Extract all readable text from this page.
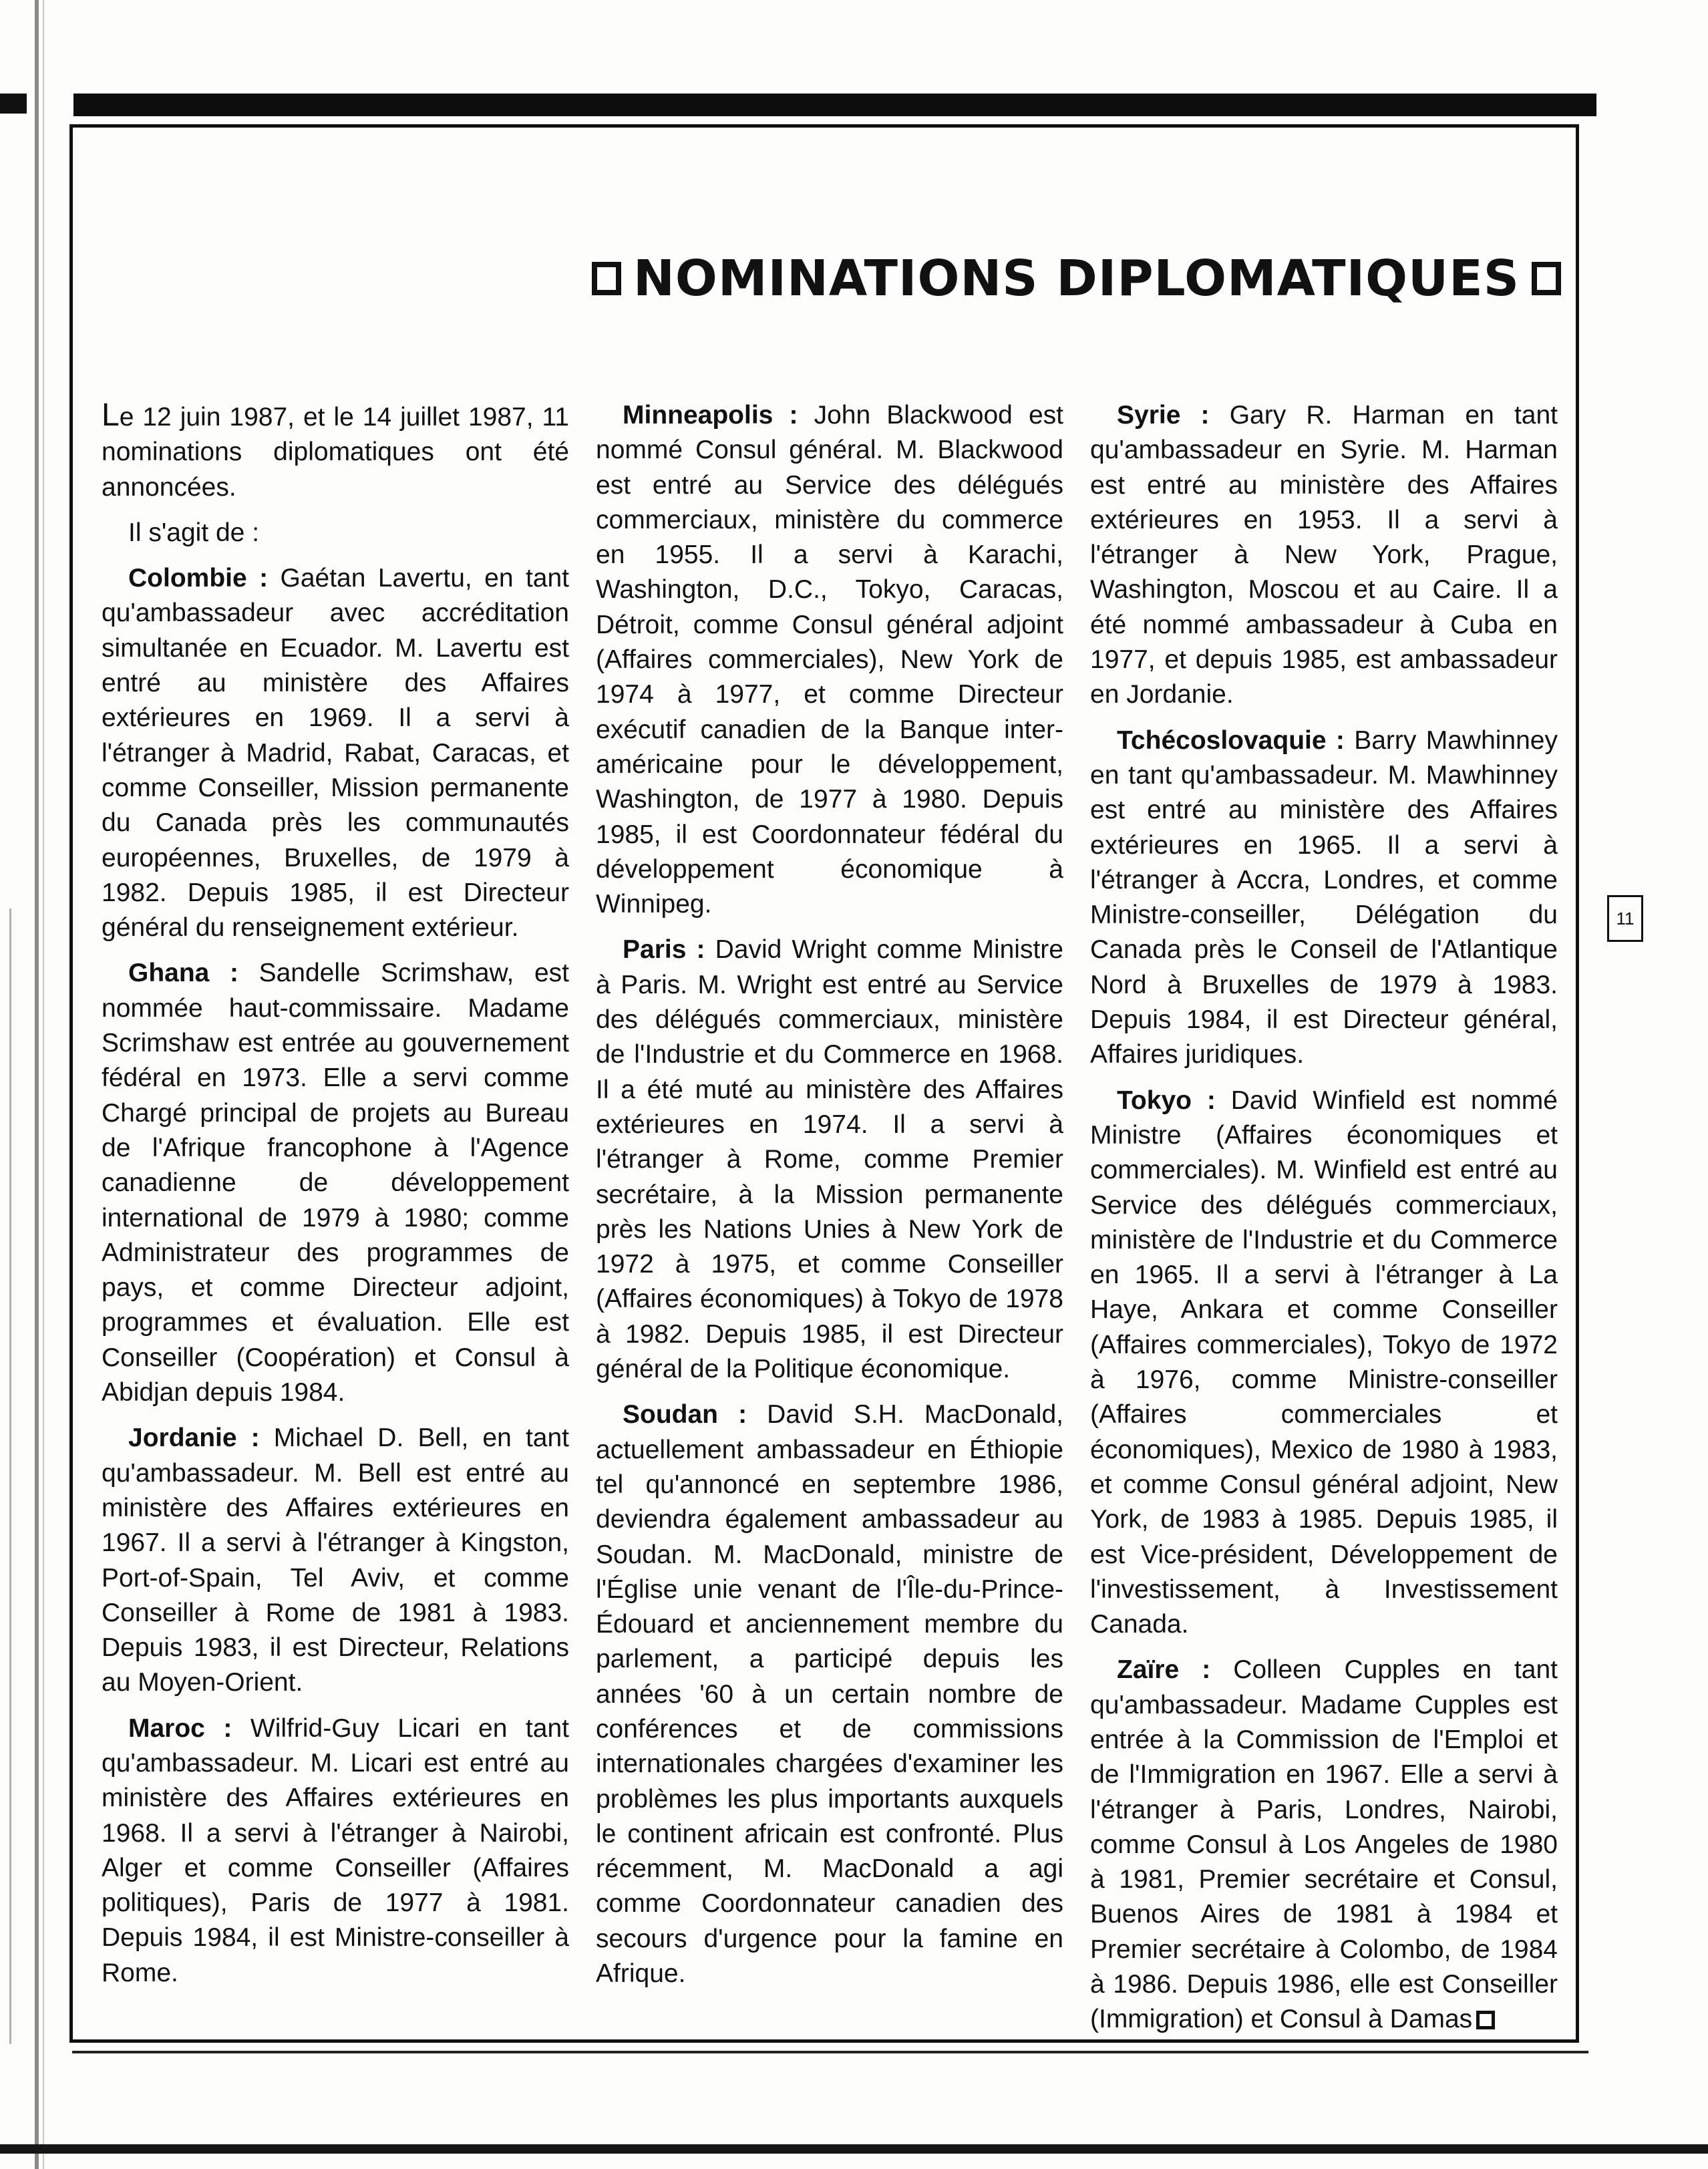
NOMINATIONS DIPLOMATIQUES
11

Le 12 juin 1987, et le 14 juillet 1987, 11 nominations diplomatiques ont été annoncées.

Il s'agit de :

Colombie : Gaétan Lavertu, en tant qu'ambassadeur avec accréditation simultanée en Ecuador. M. Lavertu est entré au ministère des Affaires extérieures en 1969. Il a servi à l'étranger à Madrid, Rabat, Caracas, et comme Conseiller, Mission permanente du Canada près les communautés européennes, Bruxelles, de 1979 à 1982. Depuis 1985, il est Directeur général du renseignement extérieur.

Ghana : Sandelle Scrimshaw, est nommée haut-commissaire. Madame Scrimshaw est entrée au gouvernement fédéral en 1973. Elle a servi comme Chargé principal de projets au Bureau de l'Afrique francophone à l'Agence canadienne de développement international de 1979 à 1980; comme Administrateur des programmes de pays, et comme Directeur adjoint, programmes et évaluation. Elle est Conseiller (Coopération) et Consul à Abidjan depuis 1984.

Jordanie : Michael D. Bell, en tant qu'ambassadeur. M. Bell est entré au ministère des Affaires extérieures en 1967. Il a servi à l'étranger à Kingston, Port-of-Spain, Tel Aviv, et comme Conseiller à Rome de 1981 à 1983. Depuis 1983, il est Directeur, Relations au Moyen-Orient.

Maroc : Wilfrid-Guy Licari en tant qu'ambassadeur. M. Licari est entré au ministère des Affaires extérieures en 1968. Il a servi à l'étranger à Nairobi, Alger et comme Conseiller (Affaires politiques), Paris de 1977 à 1981. Depuis 1984, il est Ministre-conseiller à Rome.

Minneapolis : John Blackwood est nommé Consul général. M. Blackwood est entré au Service des délégués commerciaux, ministère du commerce en 1955. Il a servi à Karachi, Washington, D.C., Tokyo, Caracas, Détroit, comme Consul général adjoint (Affaires commerciales), New York de 1974 à 1977, et comme Directeur exécutif canadien de la Banque inter-américaine pour le développement, Washington, de 1977 à 1980. Depuis 1985, il est Coordonnateur fédéral du développement économique à Winnipeg.

Paris : David Wright comme Ministre à Paris. M. Wright est entré au Service des délégués commerciaux, ministère de l'Industrie et du Commerce en 1968. Il a été muté au ministère des Affaires extérieures en 1974. Il a servi à l'étranger à Rome, comme Premier secrétaire, à la Mission permanente près les Nations Unies à New York de 1972 à 1975, et comme Conseiller (Affaires économiques) à Tokyo de 1978 à 1982. Depuis 1985, il est Directeur général de la Politique économique.

Soudan : David S.H. MacDonald, actuellement ambassadeur en Éthiopie tel qu'annoncé en septembre 1986, deviendra également ambassadeur au Soudan. M. MacDonald, ministre de l'Église unie venant de l'Île-du-Prince-Édouard et anciennement membre du parlement, a participé depuis les années '60 à un certain nombre de conférences et de commissions internationales chargées d'examiner les problèmes les plus importants auxquels le continent africain est confronté. Plus récemment, M. MacDonald a agi comme Coordonnateur canadien des secours d'urgence pour la famine en Afrique.

Syrie : Gary R. Harman en tant qu'ambassadeur en Syrie. M. Harman est entré au ministère des Affaires extérieures en 1953. Il a servi à l'étranger à New York, Prague, Washington, Moscou et au Caire. Il a été nommé ambassadeur à Cuba en 1977, et depuis 1985, est ambassadeur en Jordanie.

Tchécoslovaquie : Barry Mawhinney en tant qu'ambassadeur. M. Mawhinney est entré au ministère des Affaires extérieures en 1965. Il a servi à l'étranger à Accra, Londres, et comme Ministre-conseiller, Délégation du Canada près le Conseil de l'Atlantique Nord à Bruxelles de 1979 à 1983. Depuis 1984, il est Directeur général, Affaires juridiques.

Tokyo : David Winfield est nommé Ministre (Affaires économiques et commerciales). M. Winfield est entré au Service des délégués commerciaux, ministère de l'Industrie et du Commerce en 1965. Il a servi à l'étranger à La Haye, Ankara et comme Conseiller (Affaires commerciales), Tokyo de 1972 à 1976, comme Ministre-conseiller (Affaires commerciales et économiques), Mexico de 1980 à 1983, et comme Consul général adjoint, New York, de 1983 à 1985. Depuis 1985, il est Vice-président, Développement de l'investissement, à Investissement Canada.

Zaïre : Colleen Cupples en tant qu'ambassadeur. Madame Cupples est entrée à la Commission de l'Emploi et de l'Immigration en 1967. Elle a servi à l'étranger à Paris, Londres, Nairobi, comme Consul à Los Angeles de 1980 à 1981, Premier secrétaire et Consul, Buenos Aires de 1981 à 1984 et Premier secrétaire à Colombo, de 1984 à 1986. Depuis 1986, elle est Conseiller (Immigration) et Consul à Damas
